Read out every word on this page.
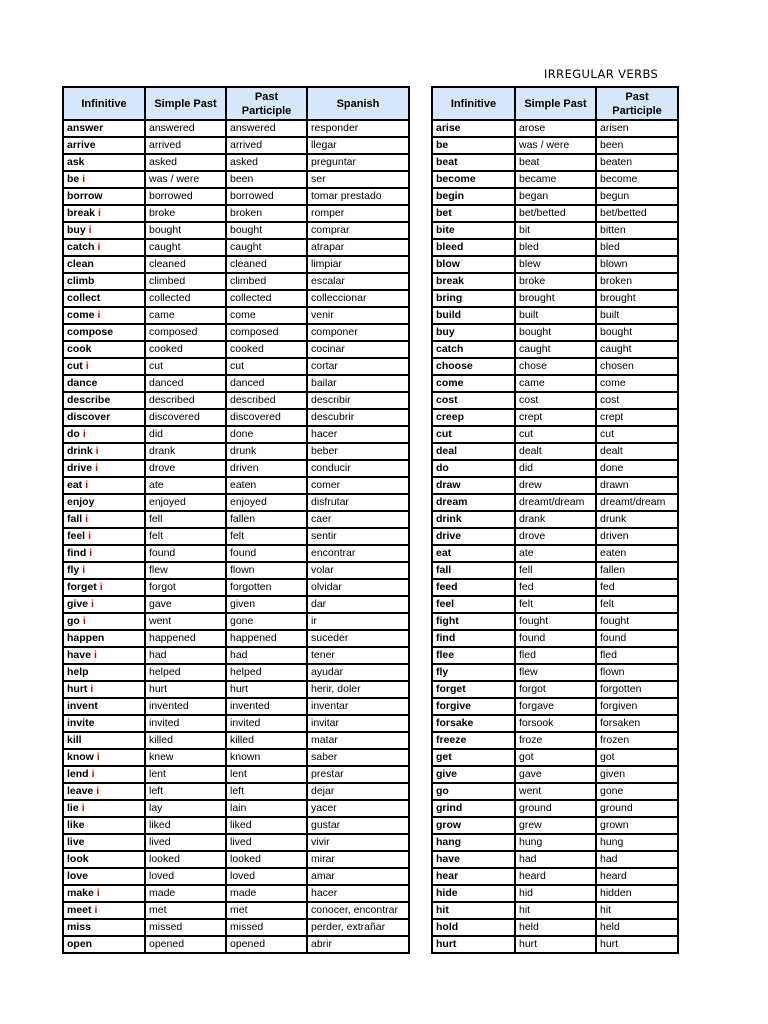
IRREGULAR VERBS
Infinitive	Simple Past	Past Participle	Spanish
answer	answered	answered	responder
arrive	arrived	arrived	llegar
ask	asked	asked	preguntar
be i	was / were	been	ser
borrow	borrowed	borrowed	tomar prestado
break i	broke	broken	romper
buy i	bought	bought	comprar
catch i	caught	caught	atrapar
clean	cleaned	cleaned	limpiar
climb	climbed	climbed	escalar
collect	collected	collected	colleccionar
come i	came	come	venir
compose	composed	composed	componer
cook	cooked	cooked	cocinar
cut i	cut	cut	cortar
dance	danced	danced	bailar
describe	described	described	describir
discover	discovered	discovered	descubrir
do i	did	done	hacer
drink i	drank	drunk	beber
drive i	drove	driven	conducir
eat i	ate	eaten	comer
enjoy	enjoyed	enjoyed	disfrutar
fall i	fell	fallen	caer
feel i	felt	felt	sentir
find i	found	found	encontrar
fly i	flew	flown	volar
forget i	forgot	forgotten	olvidar
give i	gave	given	dar
go i	went	gone	ir
happen	happened	happened	suceder
have i	had	had	tener
help	helped	helped	ayudar
hurt i	hurt	hurt	herir, doler
invent	invented	invented	inventar
invite	invited	invited	invitar
kill	killed	killed	matar
know i	knew	known	saber
lend i	lent	lent	prestar
leave i	left	left	dejar
lie i	lay	lain	yacer
like	liked	liked	gustar
live	lived	lived	vivir
look	looked	looked	mirar
love	loved	loved	amar
make i	made	made	hacer
meet i	met	met	conocer, encontrar
miss	missed	missed	perder, extrañar
open	opened	opened	abrir
Infinitive	Simple Past	Past Participle
arise	arose	arisen
be	was / were	been
beat	beat	beaten
become	became	become
begin	began	begun
bet	bet/betted	bet/betted
bite	bit	bitten
bleed	bled	bled
blow	blew	blown
break	broke	broken
bring	brought	brought
build	built	built
buy	bought	bought
catch	caught	caught
choose	chose	chosen
come	came	come
cost	cost	cost
creep	crept	crept
cut	cut	cut
deal	dealt	dealt
do	did	done
draw	drew	drawn
dream	dreamt/dream	dreamt/dream
drink	drank	drunk
drive	drove	driven
eat	ate	eaten
fall	fell	fallen
feed	fed	fed
feel	felt	felt
fight	fought	fought
find	found	found
flee	fled	fled
fly	flew	flown
forget	forgot	forgotten
forgive	forgave	forgiven
forsake	forsook	forsaken
freeze	froze	frozen
get	got	got
give	gave	given
go	went	gone
grind	ground	ground
grow	grew	grown
hang	hung	hung
have	had	had
hear	heard	heard
hide	hid	hidden
hit	hit	hit
hold	held	held
hurt	hurt	hurt
